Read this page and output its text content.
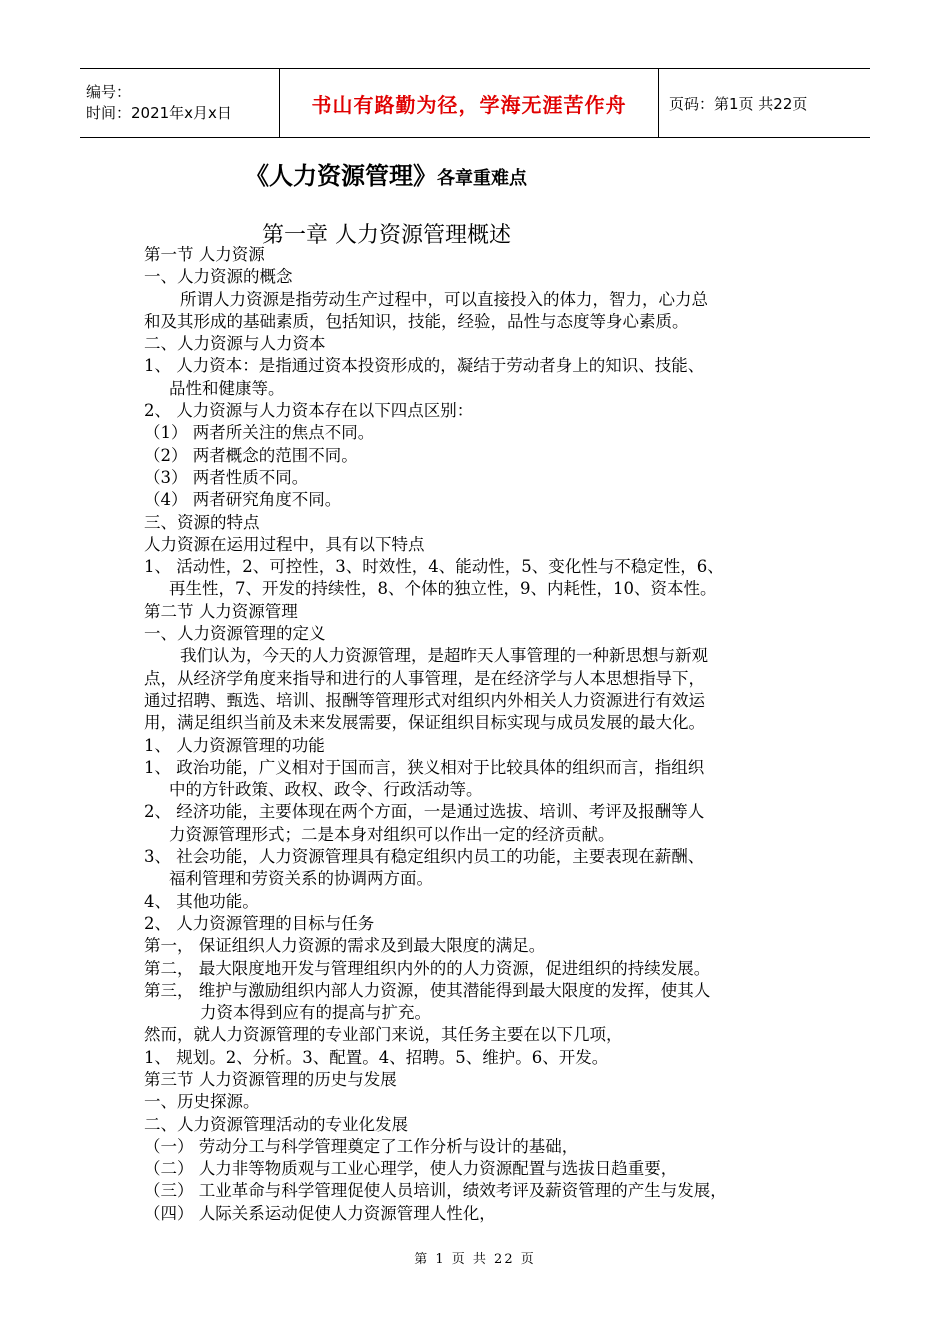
编号：
时间：2021年x月x日	书山有路勤为径，学海无涯苦作舟	页码：第1页 共22页
《人力资源管理》各章重难点
第一章 人力资源管理概述

第一节 人力资源

一、人力资源的概念

所谓人力资源是指劳动生产过程中，可以直接投入的体力，智力，心力总

和及其形成的基础素质，包括知识，技能，经验，品性与态度等身心素质。

二、人力资源与人力资本

1、 人力资本：是指通过资本投资形成的，凝结于劳动者身上的知识、技能、

品性和健康等。

2、 人力资源与人力资本存在以下四点区别：

（1） 两者所关注的焦点不同。

（2） 两者概念的范围不同。

（3） 两者性质不同。

（4） 两者研究角度不同。

三、资源的特点

人力资源在运用过程中，具有以下特点

1、 活动性，2、可控性，3、时效性，4、能动性，5、变化性与不稳定性，6、

再生性，7、开发的持续性，8、个体的独立性，9、内耗性，10、资本性。

第二节 人力资源管理

一、人力资源管理的定义

我们认为，今天的人力资源管理，是超昨天人事管理的一种新思想与新观

点，从经济学角度来指导和进行的人事管理，是在经济学与人本思想指导下，

通过招聘、甄选、培训、报酬等管理形式对组织内外相关人力资源进行有效运

用，满足组织当前及未来发展需要，保证组织目标实现与成员发展的最大化。

1、 人力资源管理的功能

1、 政治功能，广义相对于国而言，狭义相对于比较具体的组织而言，指组织

中的方针政策、政权、政令、行政活动等。

2、 经济功能，主要体现在两个方面，一是通过选拔、培训、考评及报酬等人

力资源管理形式；二是本身对组织可以作出一定的经济贡献。

3、 社会功能，人力资源管理具有稳定组织内员工的功能，主要表现在薪酬、

福利管理和劳资关系的协调两方面。

4、 其他功能。

2、 人力资源管理的目标与任务

第一， 保证组织人力资源的需求及到最大限度的满足。

第二， 最大限度地开发与管理组织内外的的人力资源，促进组织的持续发展。

第三， 维护与激励组织内部人力资源，使其潜能得到最大限度的发挥，使其人

力资本得到应有的提高与扩充。

然而，就人力资源管理的专业部门来说，其任务主要在以下几项，

1、 规划。2、分析。3、配置。4、招聘。5、维护。6、开发。

第三节 人力资源管理的历史与发展

一、历史探源。

二、人力资源管理活动的专业化发展

（一） 劳动分工与科学管理奠定了工作分析与设计的基础，

（二） 人力非等物质观与工业心理学，使人力资源配置与选拔日趋重要，

（三） 工业革命与科学管理促使人员培训，绩效考评及薪资管理的产生与发展，

（四） 人际关系运动促使人力资源管理人性化，

第 1 页 共 22 页
